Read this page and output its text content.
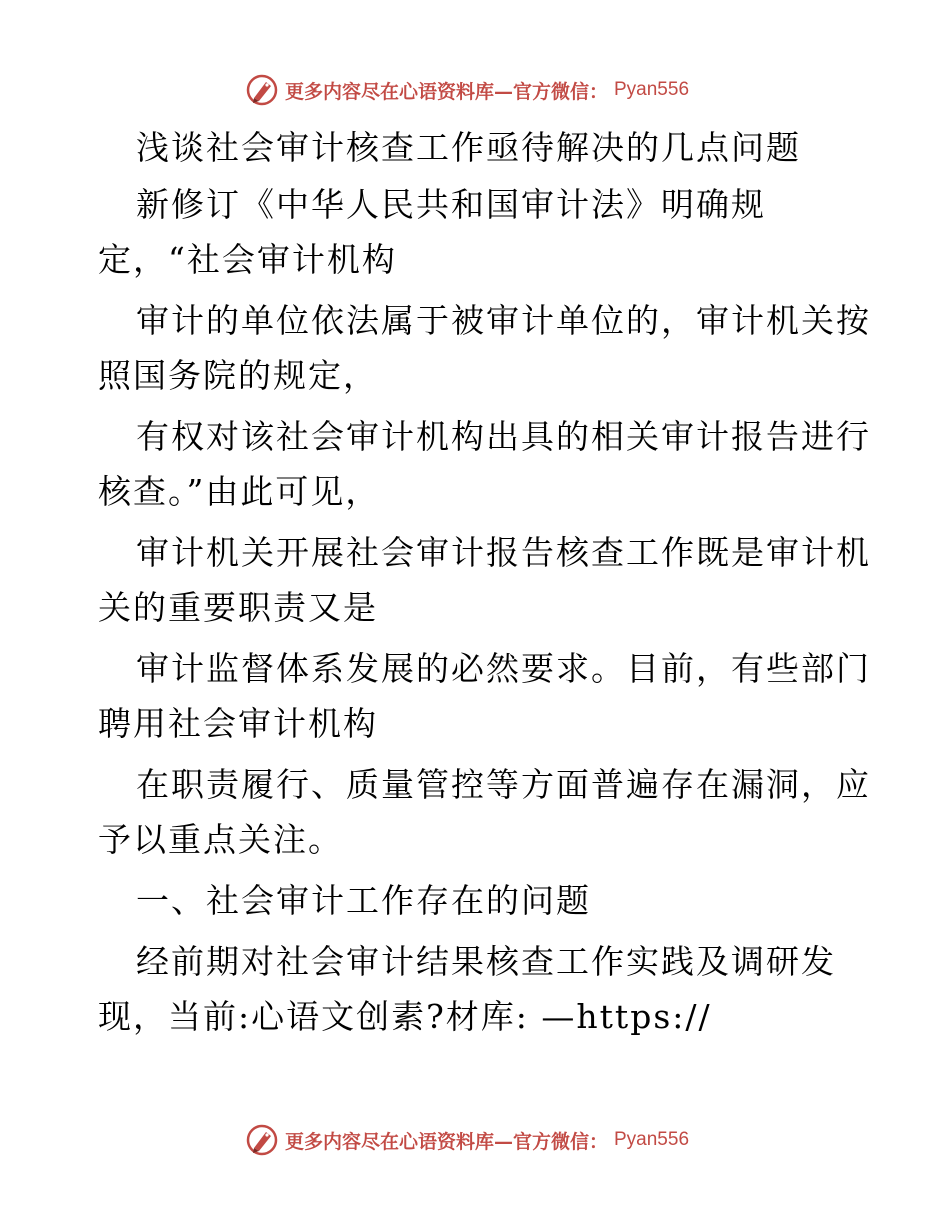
更多内容尽在心语资料库—官方微信： Pyan556
浅谈社会审计核查工作亟待解决的几点问题
新修订《中华人民共和国审计法》明确规
定，“社会审计机构
审计的单位依法属于被审计单位的，审计机关按
照国务院的规定，
有权对该社会审计机构出具的相关审计报告进行
核查。”由此可见，
审计机关开展社会审计报告核查工作既是审计机
关的重要职责又是
审计监督体系发展的必然要求。目前，有些部门
聘用社会审计机构
在职责履行、质量管控等方面普遍存在漏洞，应
予以重点关注。
一、社会审计工作存在的问题
经前期对社会审计结果核查工作实践及调研发
现，当前:心语文创素?材库: —https://
更多内容尽在心语资料库—官方微信： Pyan556
